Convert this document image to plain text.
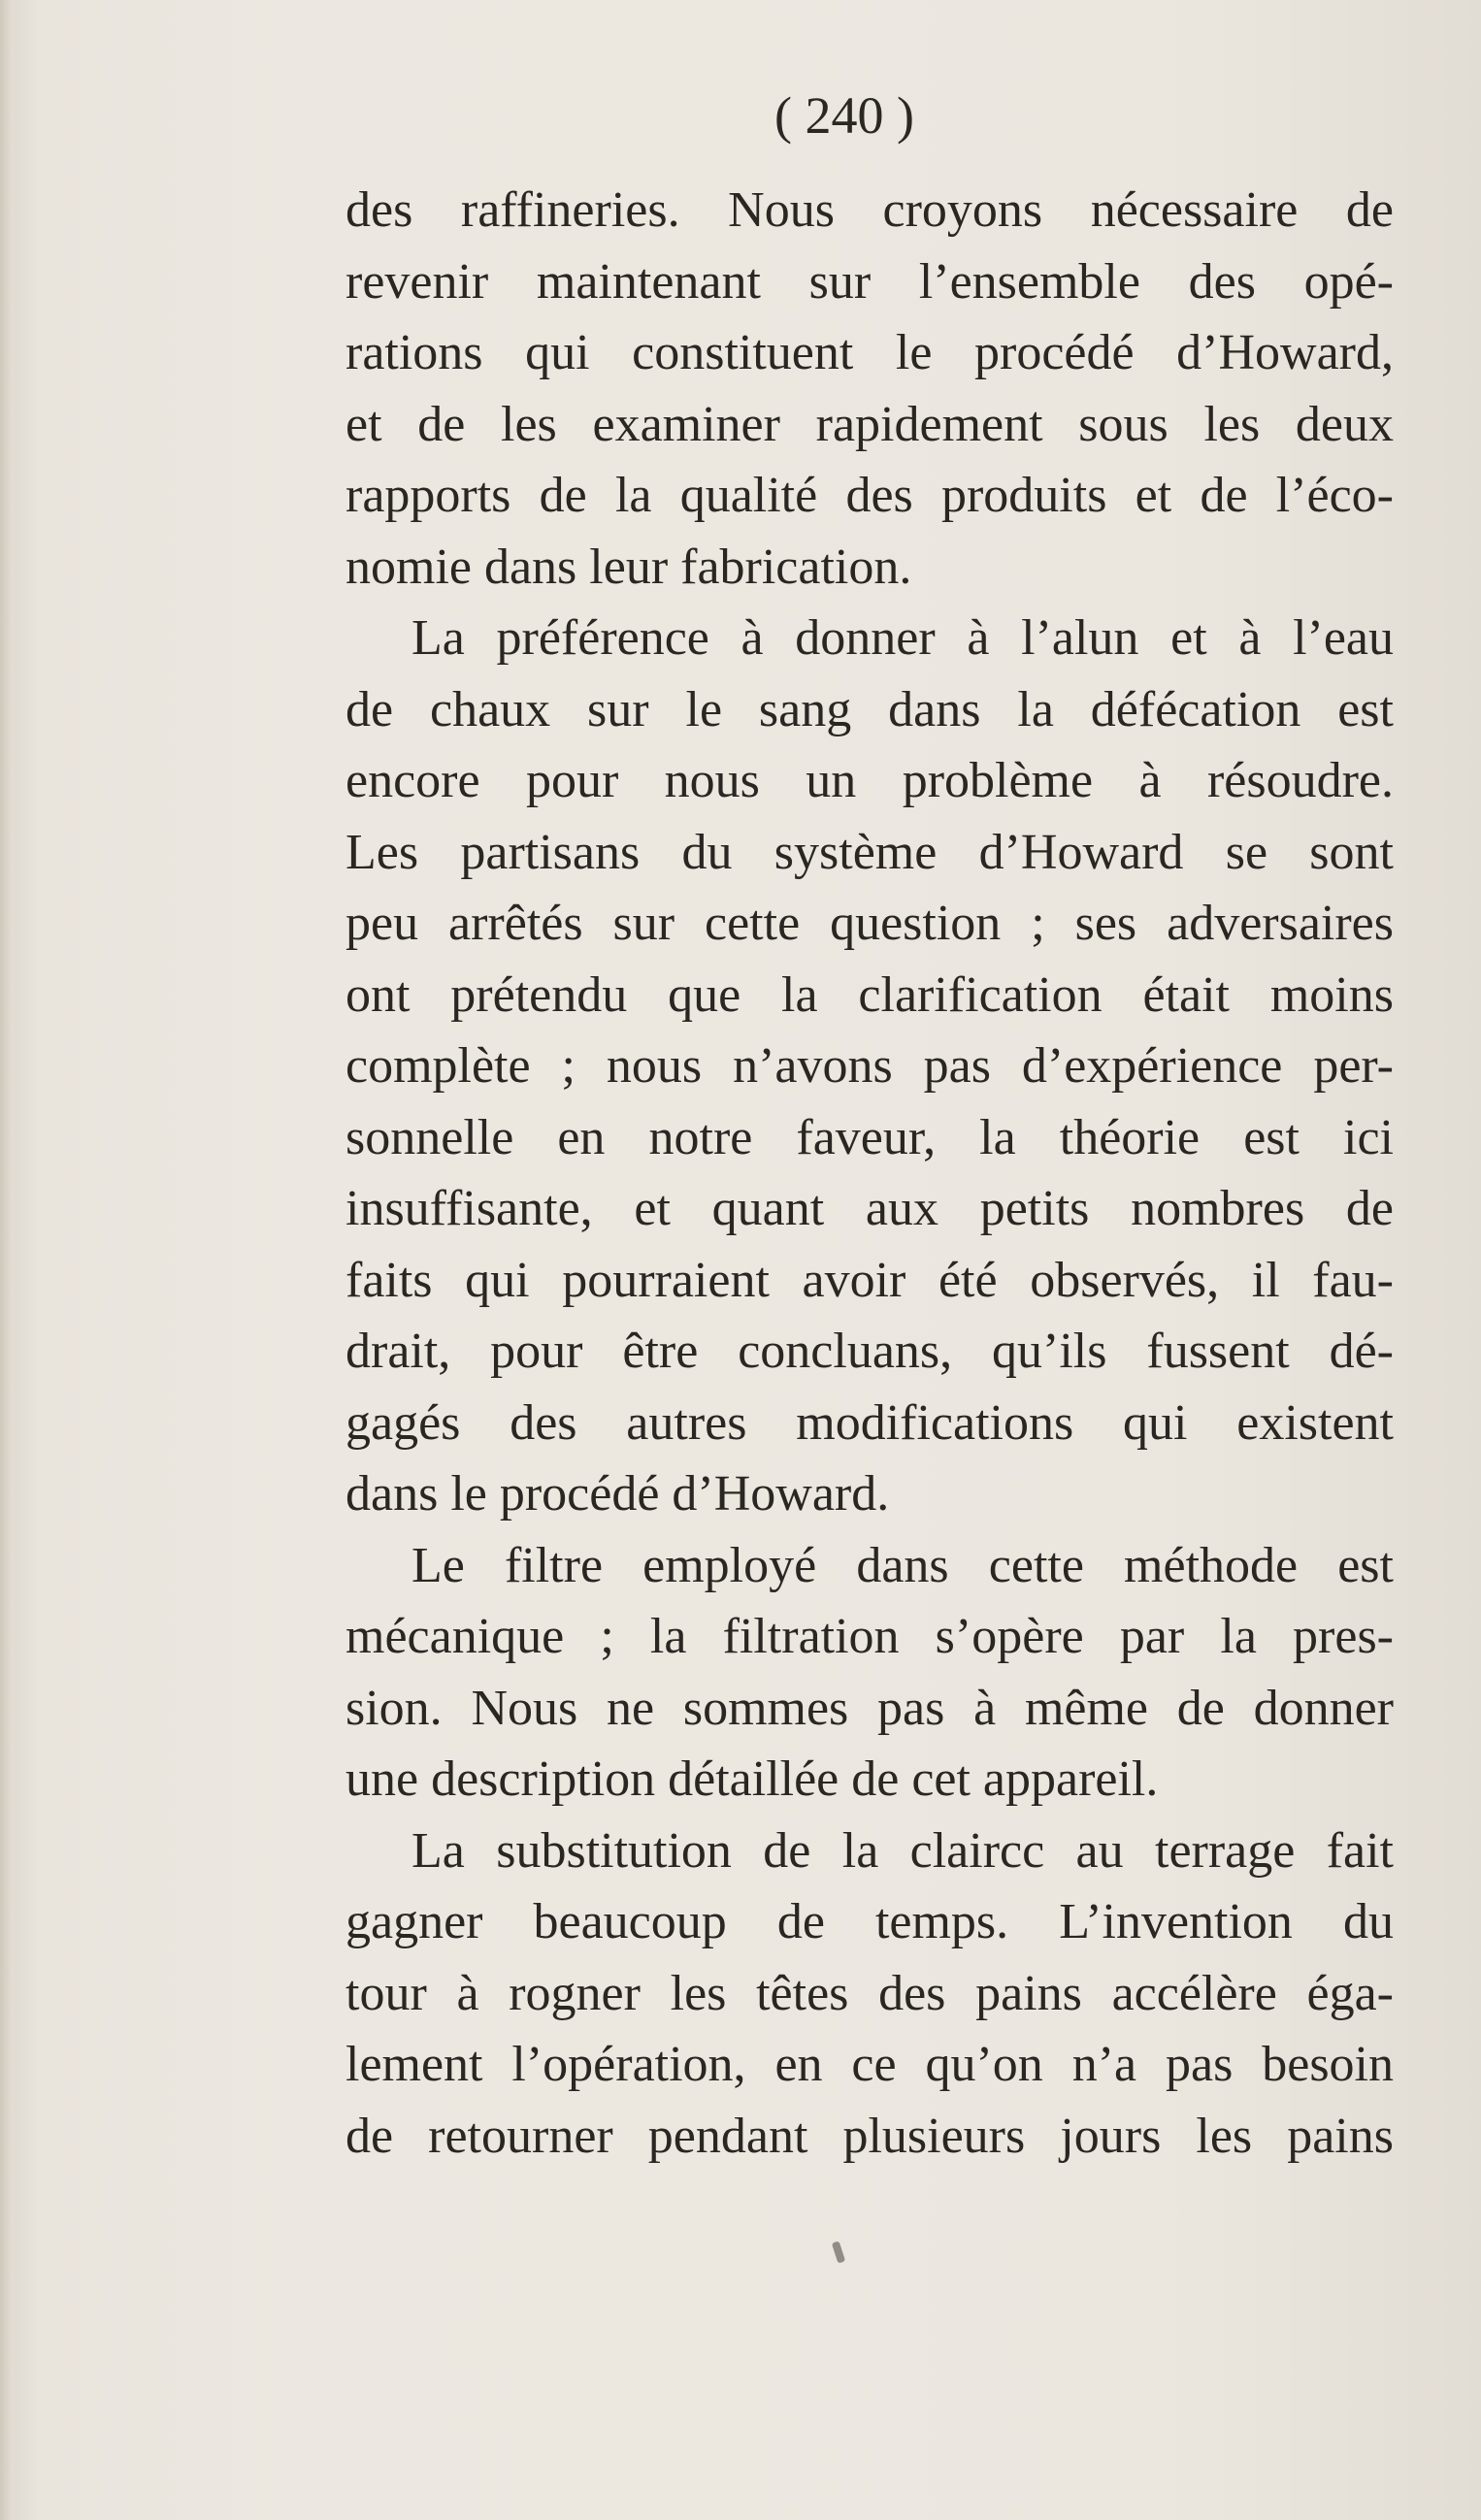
( 240 )

des raffineries. Nous croyons nécessaire de
revenir maintenant sur l’ensemble des opé-
rations qui constituent le procédé d’Howard,
et de les examiner rapidement sous les deux
rapports de la qualité des produits et de l’éco-
nomie dans leur fabrication.

La préférence à donner à l’alun et à l’eau
de chaux sur le sang dans la défécation est
encore pour nous un problème à résoudre.
Les partisans du système d’Howard se sont
peu arrêtés sur cette question ; ses adversaires
ont prétendu que la clarification était moins
complète ; nous n’avons pas d’expérience per-
sonnelle en notre faveur, la théorie est ici
insuffisante, et quant aux petits nombres de
faits qui pourraient avoir été observés, il fau-
drait, pour être concluans, qu’ils fussent dé-
gagés des autres modifications qui existent
dans le procédé d’Howard.

Le filtre employé dans cette méthode est
mécanique ; la filtration s’opère par la pres-
sion. Nous ne sommes pas à même de donner
une description détaillée de cet appareil.

La substitution de la claircc au terrage fait
gagner beaucoup de temps. L’invention du
tour à rogner les têtes des pains accélère éga-
lement l’opération, en ce qu’on n’a pas besoin
de retourner pendant plusieurs jours les pains
